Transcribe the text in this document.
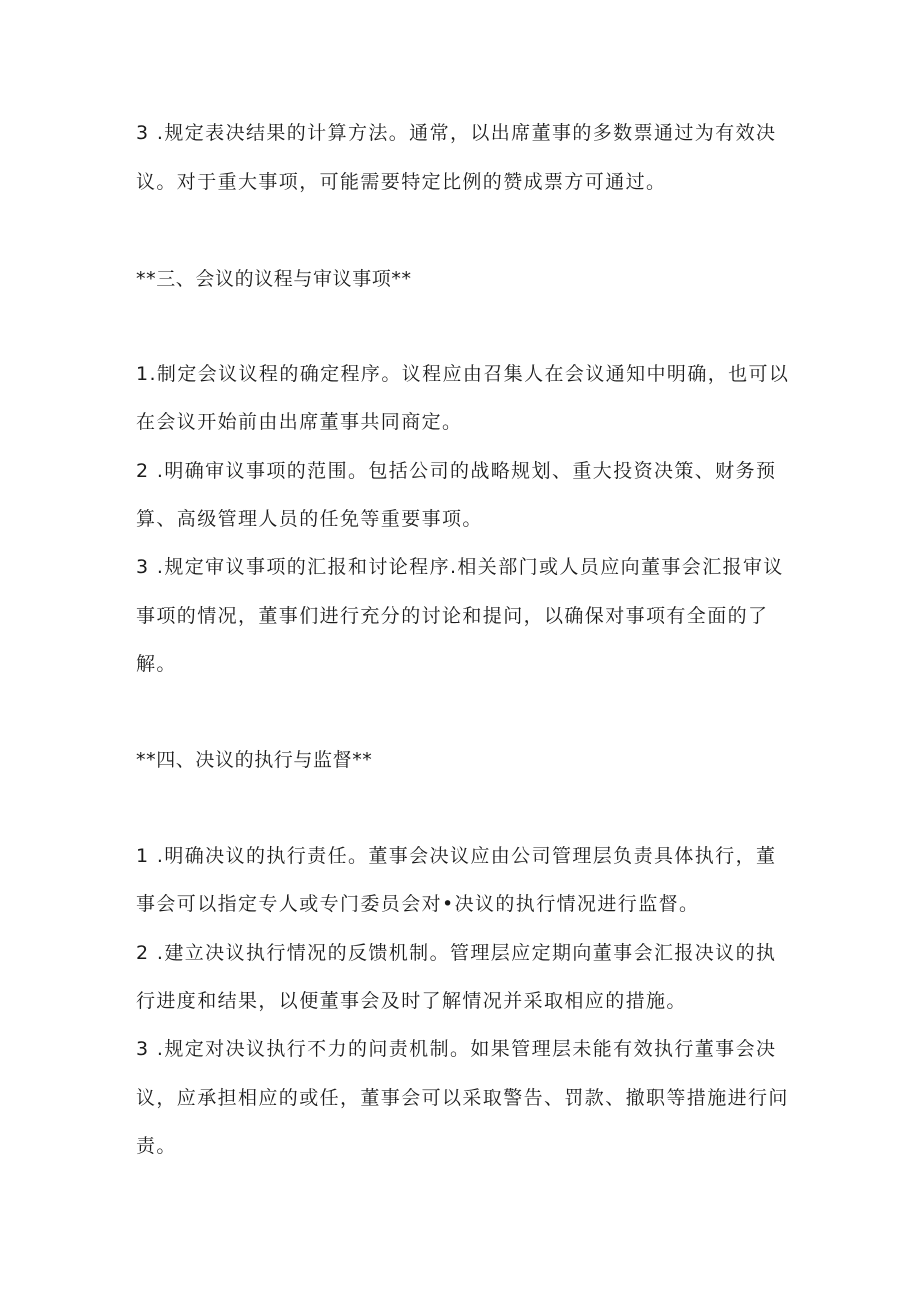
3 .规定表决结果的计算方法。通常，以出席董事的多数票通过为有效决
议。对于重大事项，可能需要特定比例的赞成票方可通过。
**三、会议的议程与审议事项**
1.制定会议议程的确定程序。议程应由召集人在会议通知中明确，也可以
在会议开始前由出席董事共同商定。
2 .明确审议事项的范围。包括公司的战略规划、重大投资决策、财务预
算、高级管理人员的任免等重要事项。
3 .规定审议事项的汇报和讨论程序.相关部门或人员应向董事会汇报审议
事项的情况，董事们进行充分的讨论和提问，以确保对事项有全面的了
解。
**四、决议的执行与监督**
1 .明确决议的执行责任。董事会决议应由公司管理层负责具体执行，董
事会可以指定专人或专门委员会对•决议的执行情况进行监督。
2 .建立决议执行情况的反馈机制。管理层应定期向董事会汇报决议的执
行进度和结果，以便董事会及时了解情况并采取相应的措施。
3 .规定对决议执行不力的问责机制。如果管理层未能有效执行董事会决
议，应承担相应的或任，董事会可以采取警告、罚款、撤职等措施进行问
责。
